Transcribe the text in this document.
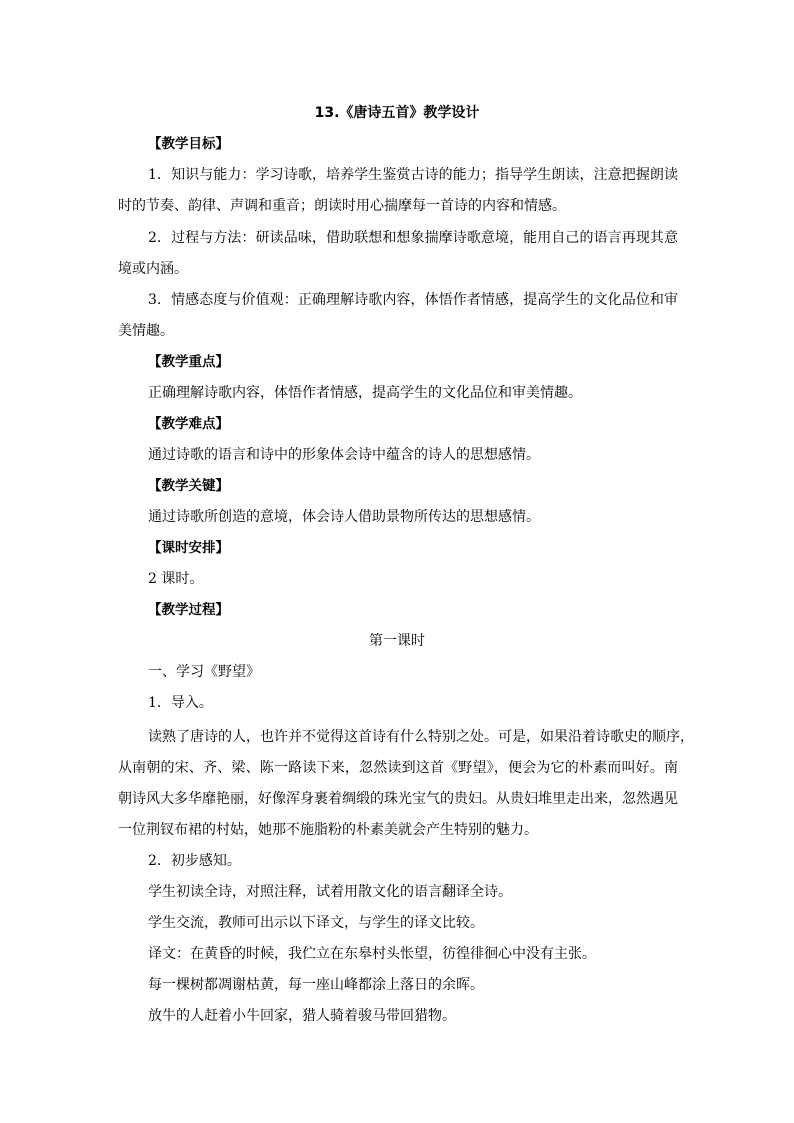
13.《唐诗五首》教学设计
【教学目标】
1．知识与能力：学习诗歌，培养学生鉴赏古诗的能力；指导学生朗读，注意把握朗读
时的节奏、韵律、声调和重音；朗读时用心揣摩每一首诗的内容和情感。
2．过程与方法：研读品味，借助联想和想象揣摩诗歌意境，能用自己的语言再现其意
境或内涵。
3．情感态度与价值观：正确理解诗歌内容，体悟作者情感，提高学生的文化品位和审
美情趣。
【教学重点】
正确理解诗歌内容，体悟作者情感，提高学生的文化品位和审美情趣。
【教学难点】
通过诗歌的语言和诗中的形象体会诗中蕴含的诗人的思想感情。
【教学关键】
通过诗歌所创造的意境，体会诗人借助景物所传达的思想感情。
【课时安排】
2 课时。
【教学过程】
第一课时
一、学习《野望》
1．导入。
读熟了唐诗的人，也许并不觉得这首诗有什么特别之处。可是，如果沿着诗歌史的顺序，
从南朝的宋、齐、梁、陈一路读下来，忽然读到这首《野望》，便会为它的朴素而叫好。南
朝诗风大多华靡艳丽，好像浑身裹着绸缎的珠光宝气的贵妇。从贵妇堆里走出来，忽然遇见
一位荆钗布裙的村姑，她那不施脂粉的朴素美就会产生特别的魅力。
2．初步感知。
学生初读全诗，对照注释，试着用散文化的语言翻译全诗。
学生交流，教师可出示以下译文，与学生的译文比较。
译文：在黄昏的时候，我伫立在东皋村头怅望，彷徨徘徊心中没有主张。
每一棵树都凋谢枯黄，每一座山峰都涂上落日的余晖。
放牛的人赶着小牛回家，猎人骑着骏马带回猎物。
